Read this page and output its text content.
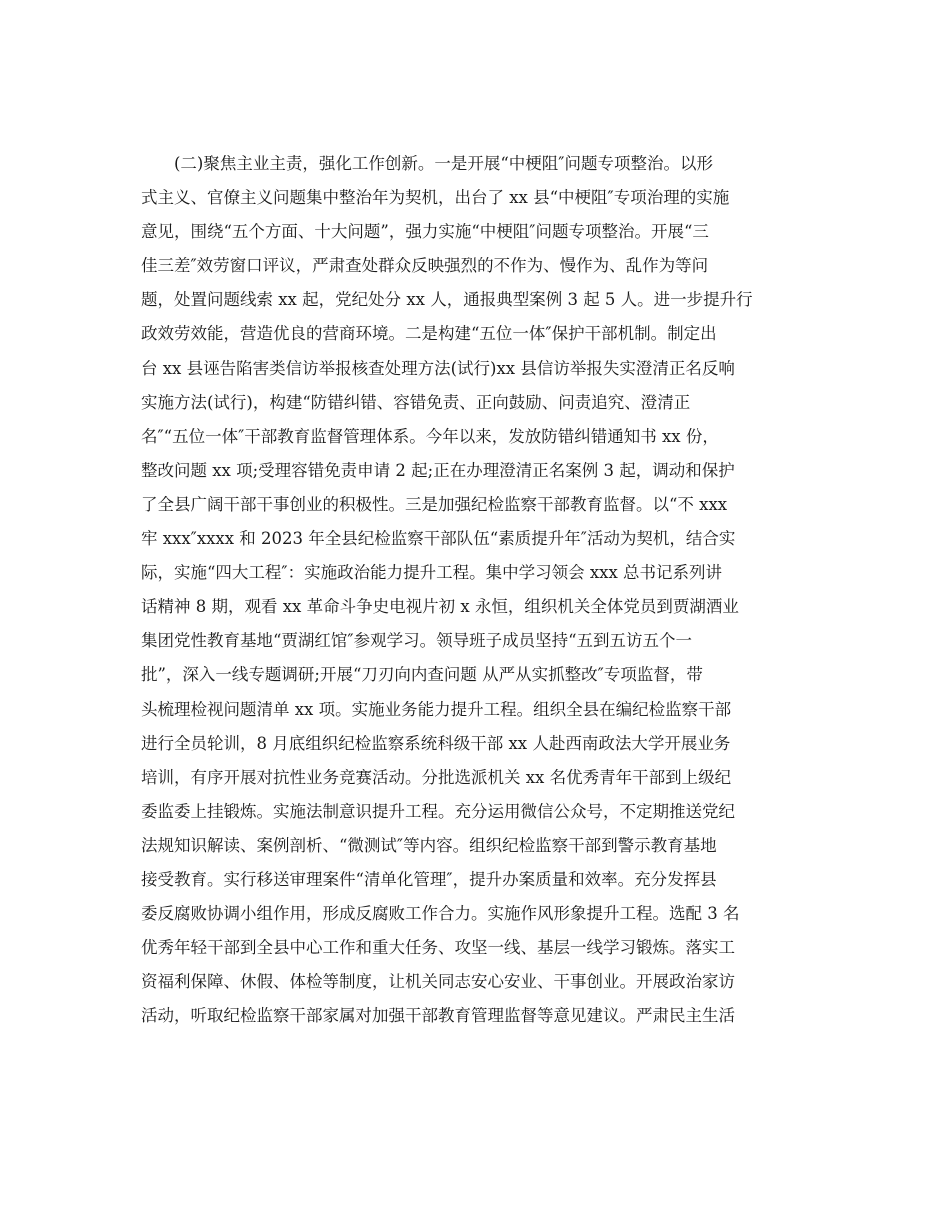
(二)聚焦主业主责，强化工作创新。一是开展“中梗阻″问题专项整治。以形
式主义、官僚主义问题集中整治年为契机，出台了 xx 县“中梗阻″专项治理的实施
意见，围绕“五个方面、十大问题”，强力实施“中梗阻″问题专项整治。开展“三
佳三差″效劳窗口评议，严肃查处群众反映强烈的不作为、慢作为、乱作为等问
题，处置问题线索 xx 起，党纪处分 xx 人，通报典型案例 3 起 5 人。进一步提升行
政效劳效能，营造优良的营商环境。二是构建“五位一体″保护干部机制。制定出
台 xx 县诬告陷害类信访举报核查处理方法(试行)xx 县信访举报失实澄清正名反响
实施方法(试行)，构建“防错纠错、容错免责、正向鼓励、问责追究、澄清正
名″“五位一体″干部教育监督管理体系。今年以来，发放防错纠错通知书 xx 份，
整改问题 xx 项;受理容错免责申请 2 起;正在办理澄清正名案例 3 起，调动和保护
了全县广阔干部干事创业的积极性。三是加强纪检监察干部教育监督。以“不 xxx
牢 xxx″xxxx 和 2023 年全县纪检监察干部队伍“素质提升年″活动为契机，结合实
际，实施“四大工程″：实施政治能力提升工程。集中学习领会 xxx 总书记系列讲
话精神 8 期，观看 xx 革命斗争史电视片初 x 永恒，组织机关全体党员到贾湖酒业
集团党性教育基地“贾湖红馆″参观学习。领导班子成员坚持“五到五访五个一
批”，深入一线专题调研;开展“刀刃向内查问题 从严从实抓整改″专项监督，带
头梳理检视问题清单 xx 项。实施业务能力提升工程。组织全县在编纪检监察干部
进行全员轮训，8 月底组织纪检监察系统科级干部 xx 人赴西南政法大学开展业务
培训，有序开展对抗性业务竞赛活动。分批选派机关 xx 名优秀青年干部到上级纪
委监委上挂锻炼。实施法制意识提升工程。充分运用微信公众号，不定期推送党纪
法规知识解读、案例剖析、“微测试″等内容。组织纪检监察干部到警示教育基地
接受教育。实行移送审理案件“清单化管理″，提升办案质量和效率。充分发挥县
委反腐败协调小组作用，形成反腐败工作合力。实施作风形象提升工程。选配 3 名
优秀年轻干部到全县中心工作和重大任务、攻坚一线、基层一线学习锻炼。落实工
资福利保障、休假、体检等制度，让机关同志安心安业、干事创业。开展政治家访
活动，听取纪检监察干部家属对加强干部教育管理监督等意见建议。严肃民主生活
